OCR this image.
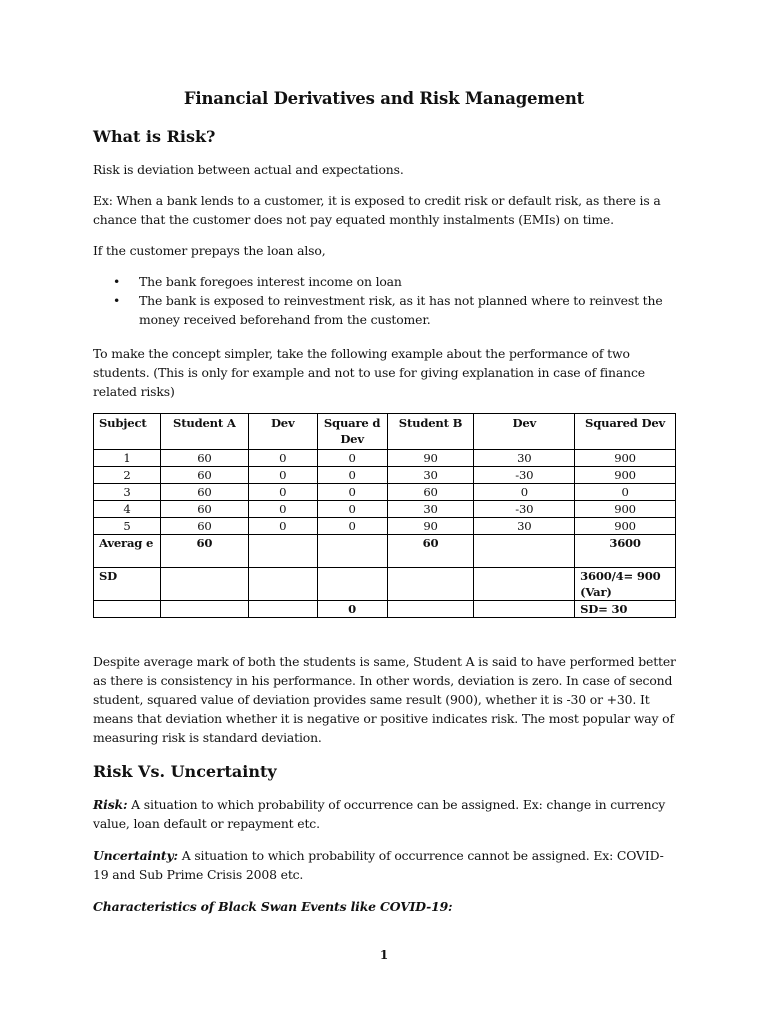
Financial Derivatives and Risk Management
What is Risk?
Risk is deviation between actual and expectations.
Ex: When a bank lends to a customer, it is exposed to credit risk or default risk, as there is a chance that the customer does not pay equated monthly instalments (EMIs) on time.
If the customer prepays the loan also,
• The bank foregoes interest income on loan
• The bank is exposed to reinvestment risk, as it has not planned where to reinvest the money received beforehand from the customer.
To make the concept simpler, take the following example about the performance of two students. (This is only for example and not to use for giving explanation in case of finance related risks)
Subject	Student A	Dev	Square d Dev	Student B	Dev	Squared Dev
1	60	0	0	90	30	900
2	60	0	0	30	-30	900
3	60	0	0	60	0	0
4	60	0	0	30	-30	900
5	60	0	0	90	30	900
Averag e	60			60		3600
SD						3600/4= 900 (Var)
			0			SD= 30
Despite average mark of both the students is same, Student A is said to have performed better as there is consistency in his performance. In other words, deviation is zero. In case of second student, squared value of deviation provides same result (900), whether it is -30 or +30. It means that deviation whether it is negative or positive indicates risk. The most popular way of measuring risk is standard deviation.
Risk Vs. Uncertainty
Risk: A situation to which probability of occurrence can be assigned. Ex: change in currency value, loan default or repayment etc.
Uncertainty: A situation to which probability of occurrence cannot be assigned. Ex: COVID-19 and Sub Prime Crisis 2008 etc.
Characteristics of Black Swan Events like COVID-19:
1
